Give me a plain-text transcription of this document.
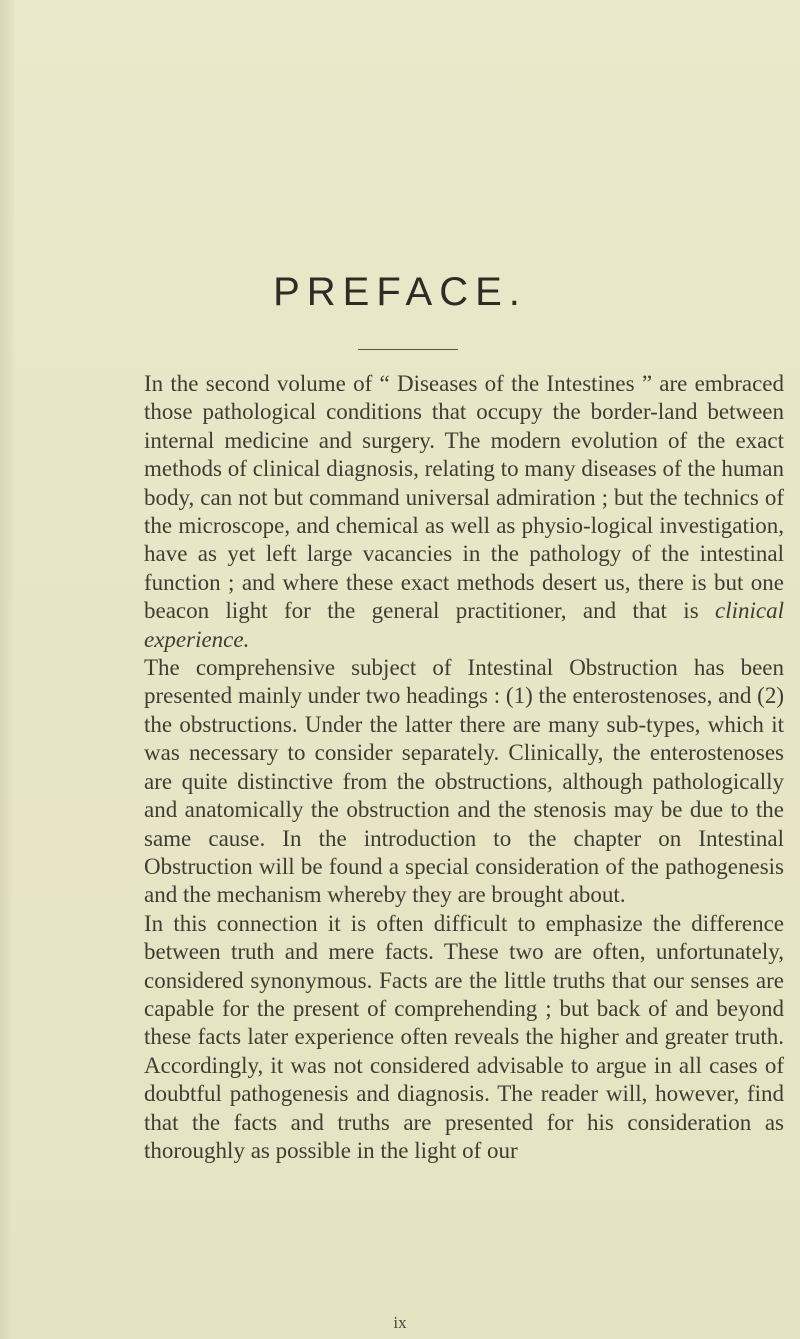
PREFACE.

In the second volume of “ Diseases of the Intestines ” are embraced those pathological conditions that occupy the border-land between internal medicine and surgery. The modern evolution of the exact methods of clinical diagnosis, relating to many diseases of the human body, can not but command universal admiration ; but the technics of the microscope, and chemical as well as physio-logical investigation, have as yet left large vacancies in the pathology of the intestinal function ; and where these exact methods desert us, there is but one beacon light for the general practitioner, and that is clinical experience.

The comprehensive subject of Intestinal Obstruction has been presented mainly under two headings : (1) the enterostenoses, and (2) the obstructions. Under the latter there are many sub-types, which it was necessary to consider separately. Clinically, the enterostenoses are quite distinctive from the obstructions, although pathologically and anatomically the obstruction and the stenosis may be due to the same cause. In the introduction to the chapter on Intestinal Obstruction will be found a special consideration of the pathogenesis and the mechanism whereby they are brought about.

In this connection it is often difficult to emphasize the difference between truth and mere facts. These two are often, unfortunately, considered synonymous. Facts are the little truths that our senses are capable for the present of comprehending ; but back of and beyond these facts later experience often reveals the higher and greater truth. Accordingly, it was not considered advisable to argue in all cases of doubtful pathogenesis and diagnosis. The reader will, however, find that the facts and truths are presented for his consideration as thoroughly as possible in the light of our

ix
